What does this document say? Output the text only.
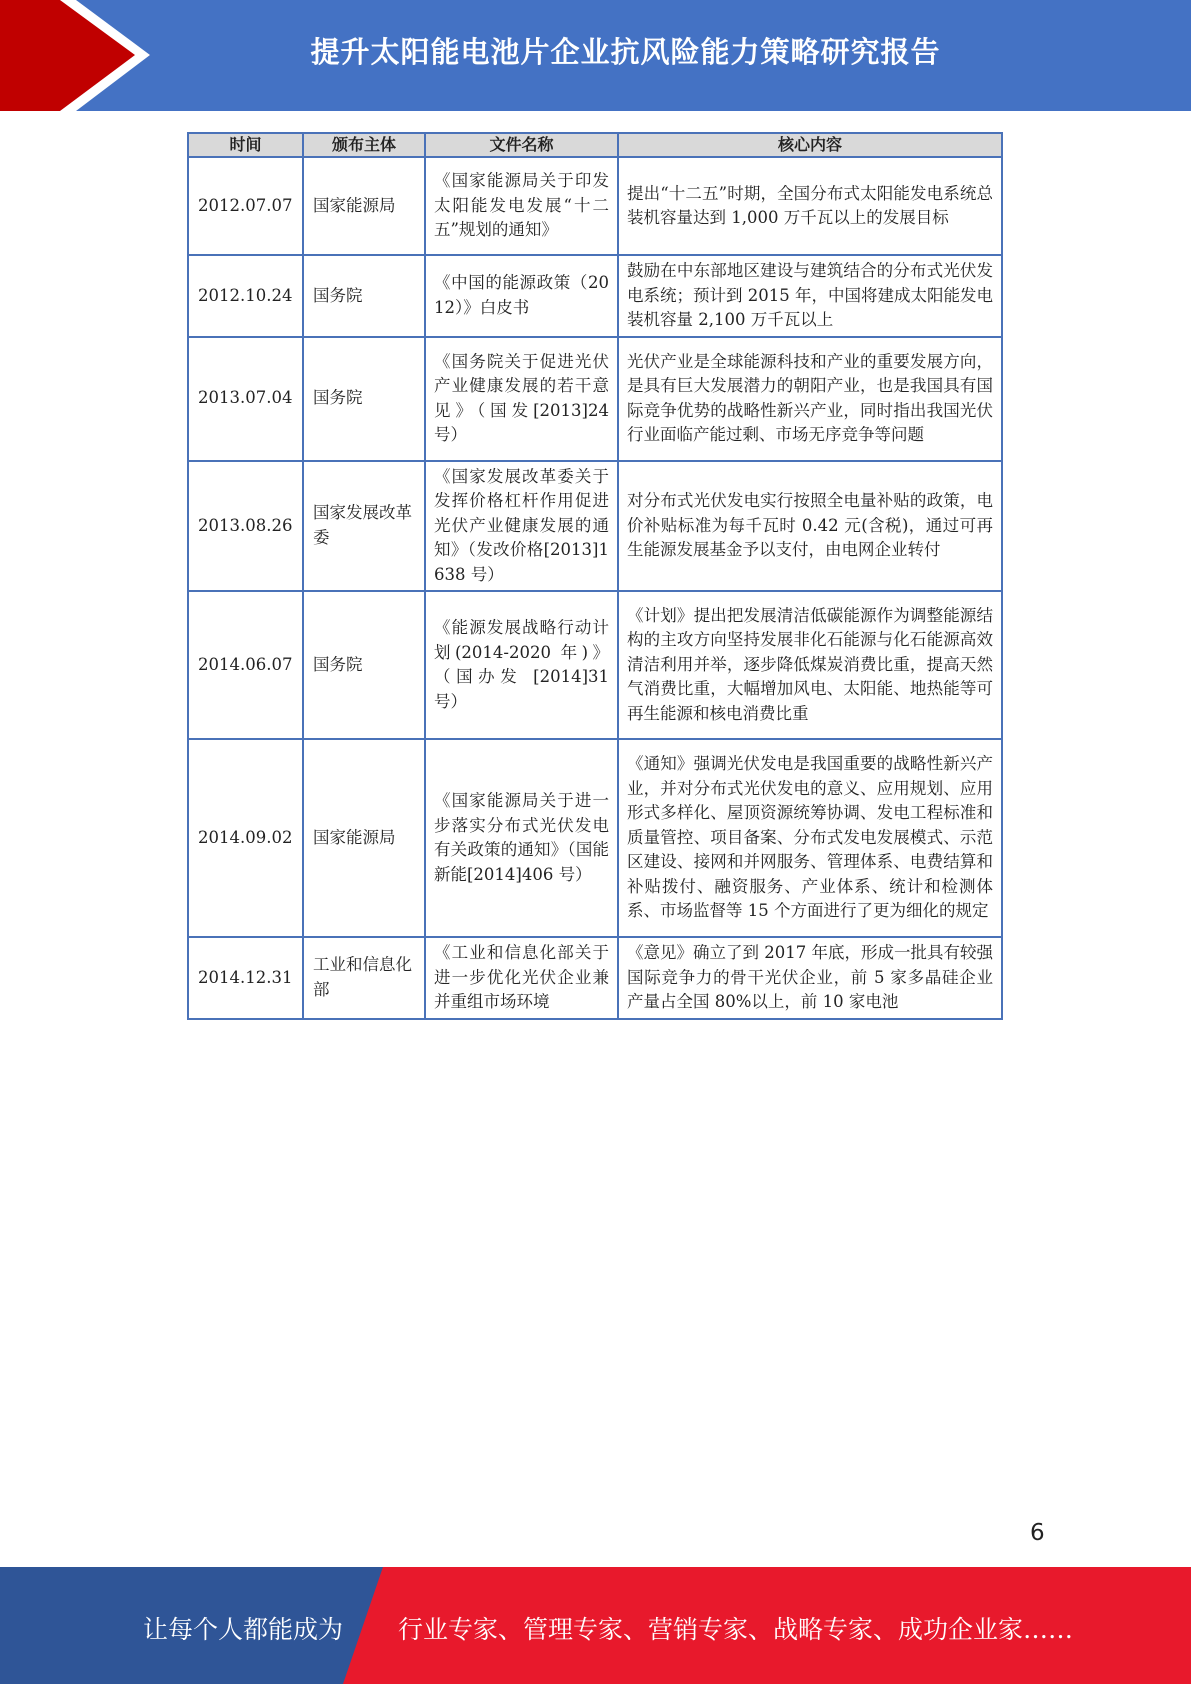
提升太阳能电池片企业抗风险能力策略研究报告
时间	颁布主体	文件名称	核心内容
2012.07.07	国家能源局	《国家能源局关于印发太阳能发电发展“十二五”规划的通知》	提出“十二五”时期，全国分布式太阳能发电系统总装机容量达到 1,000 万千瓦以上的发展目标
2012.10.24	国务院	《中国的能源政策（2012）》白皮书	鼓励在中东部地区建设与建筑结合的分布式光伏发电系统；预计到 2015 年，中国将建成太阳能发电装机容量 2,100 万千瓦以上
2013.07.04	国务院	《国务院关于促进光伏产业健康发展的若干意见》（国发[2013]24 号）	光伏产业是全球能源科技和产业的重要发展方向，是具有巨大发展潜力的朝阳产业，也是我国具有国际竞争优势的战略性新兴产业，同时指出我国光伏行业面临产能过剩、市场无序竞争等问题
2013.08.26	国家发展改革委	《国家发展改革委关于发挥价格杠杆作用促进光伏产业健康发展的通知》（发改价格[2013]1638 号）	对分布式光伏发电实行按照全电量补贴的政策，电价补贴标准为每千瓦时 0.42 元(含税)，通过可再生能源发展基金予以支付，由电网企业转付
2014.06.07	国务院	《能源发展战略行动计划(2014-2020 年)》（国办发 [2014]31 号）	《计划》提出把发展清洁低碳能源作为调整能源结构的主攻方向坚持发展非化石能源与化石能源高效清洁利用并举，逐步降低煤炭消费比重，提高天然气消费比重，大幅增加风电、太阳能、地热能等可再生能源和核电消费比重
2014.09.02	国家能源局	《国家能源局关于进一步落实分布式光伏发电有关政策的通知》（国能新能[2014]406 号）	《通知》强调光伏发电是我国重要的战略性新兴产业，并对分布式光伏发电的意义、应用规划、应用形式多样化、屋顶资源统筹协调、发电工程标准和质量管控、项目备案、分布式发电发展模式、示范区建设、接网和并网服务、管理体系、电费结算和补贴拨付、融资服务、产业体系、统计和检测体系、市场监督等 15 个方面进行了更为细化的规定
2014.12.31	工业和信息化部	《工业和信息化部关于进一步优化光伏企业兼并重组市场环境	《意见》确立了到 2017 年底，形成一批具有较强国际竞争力的骨干光伏企业，前 5 家多晶硅企业产量占全国 80%以上，前 10 家电池
6
让每个人都能成为 行业专家、管理专家、营销专家、战略专家、成功企业家……
